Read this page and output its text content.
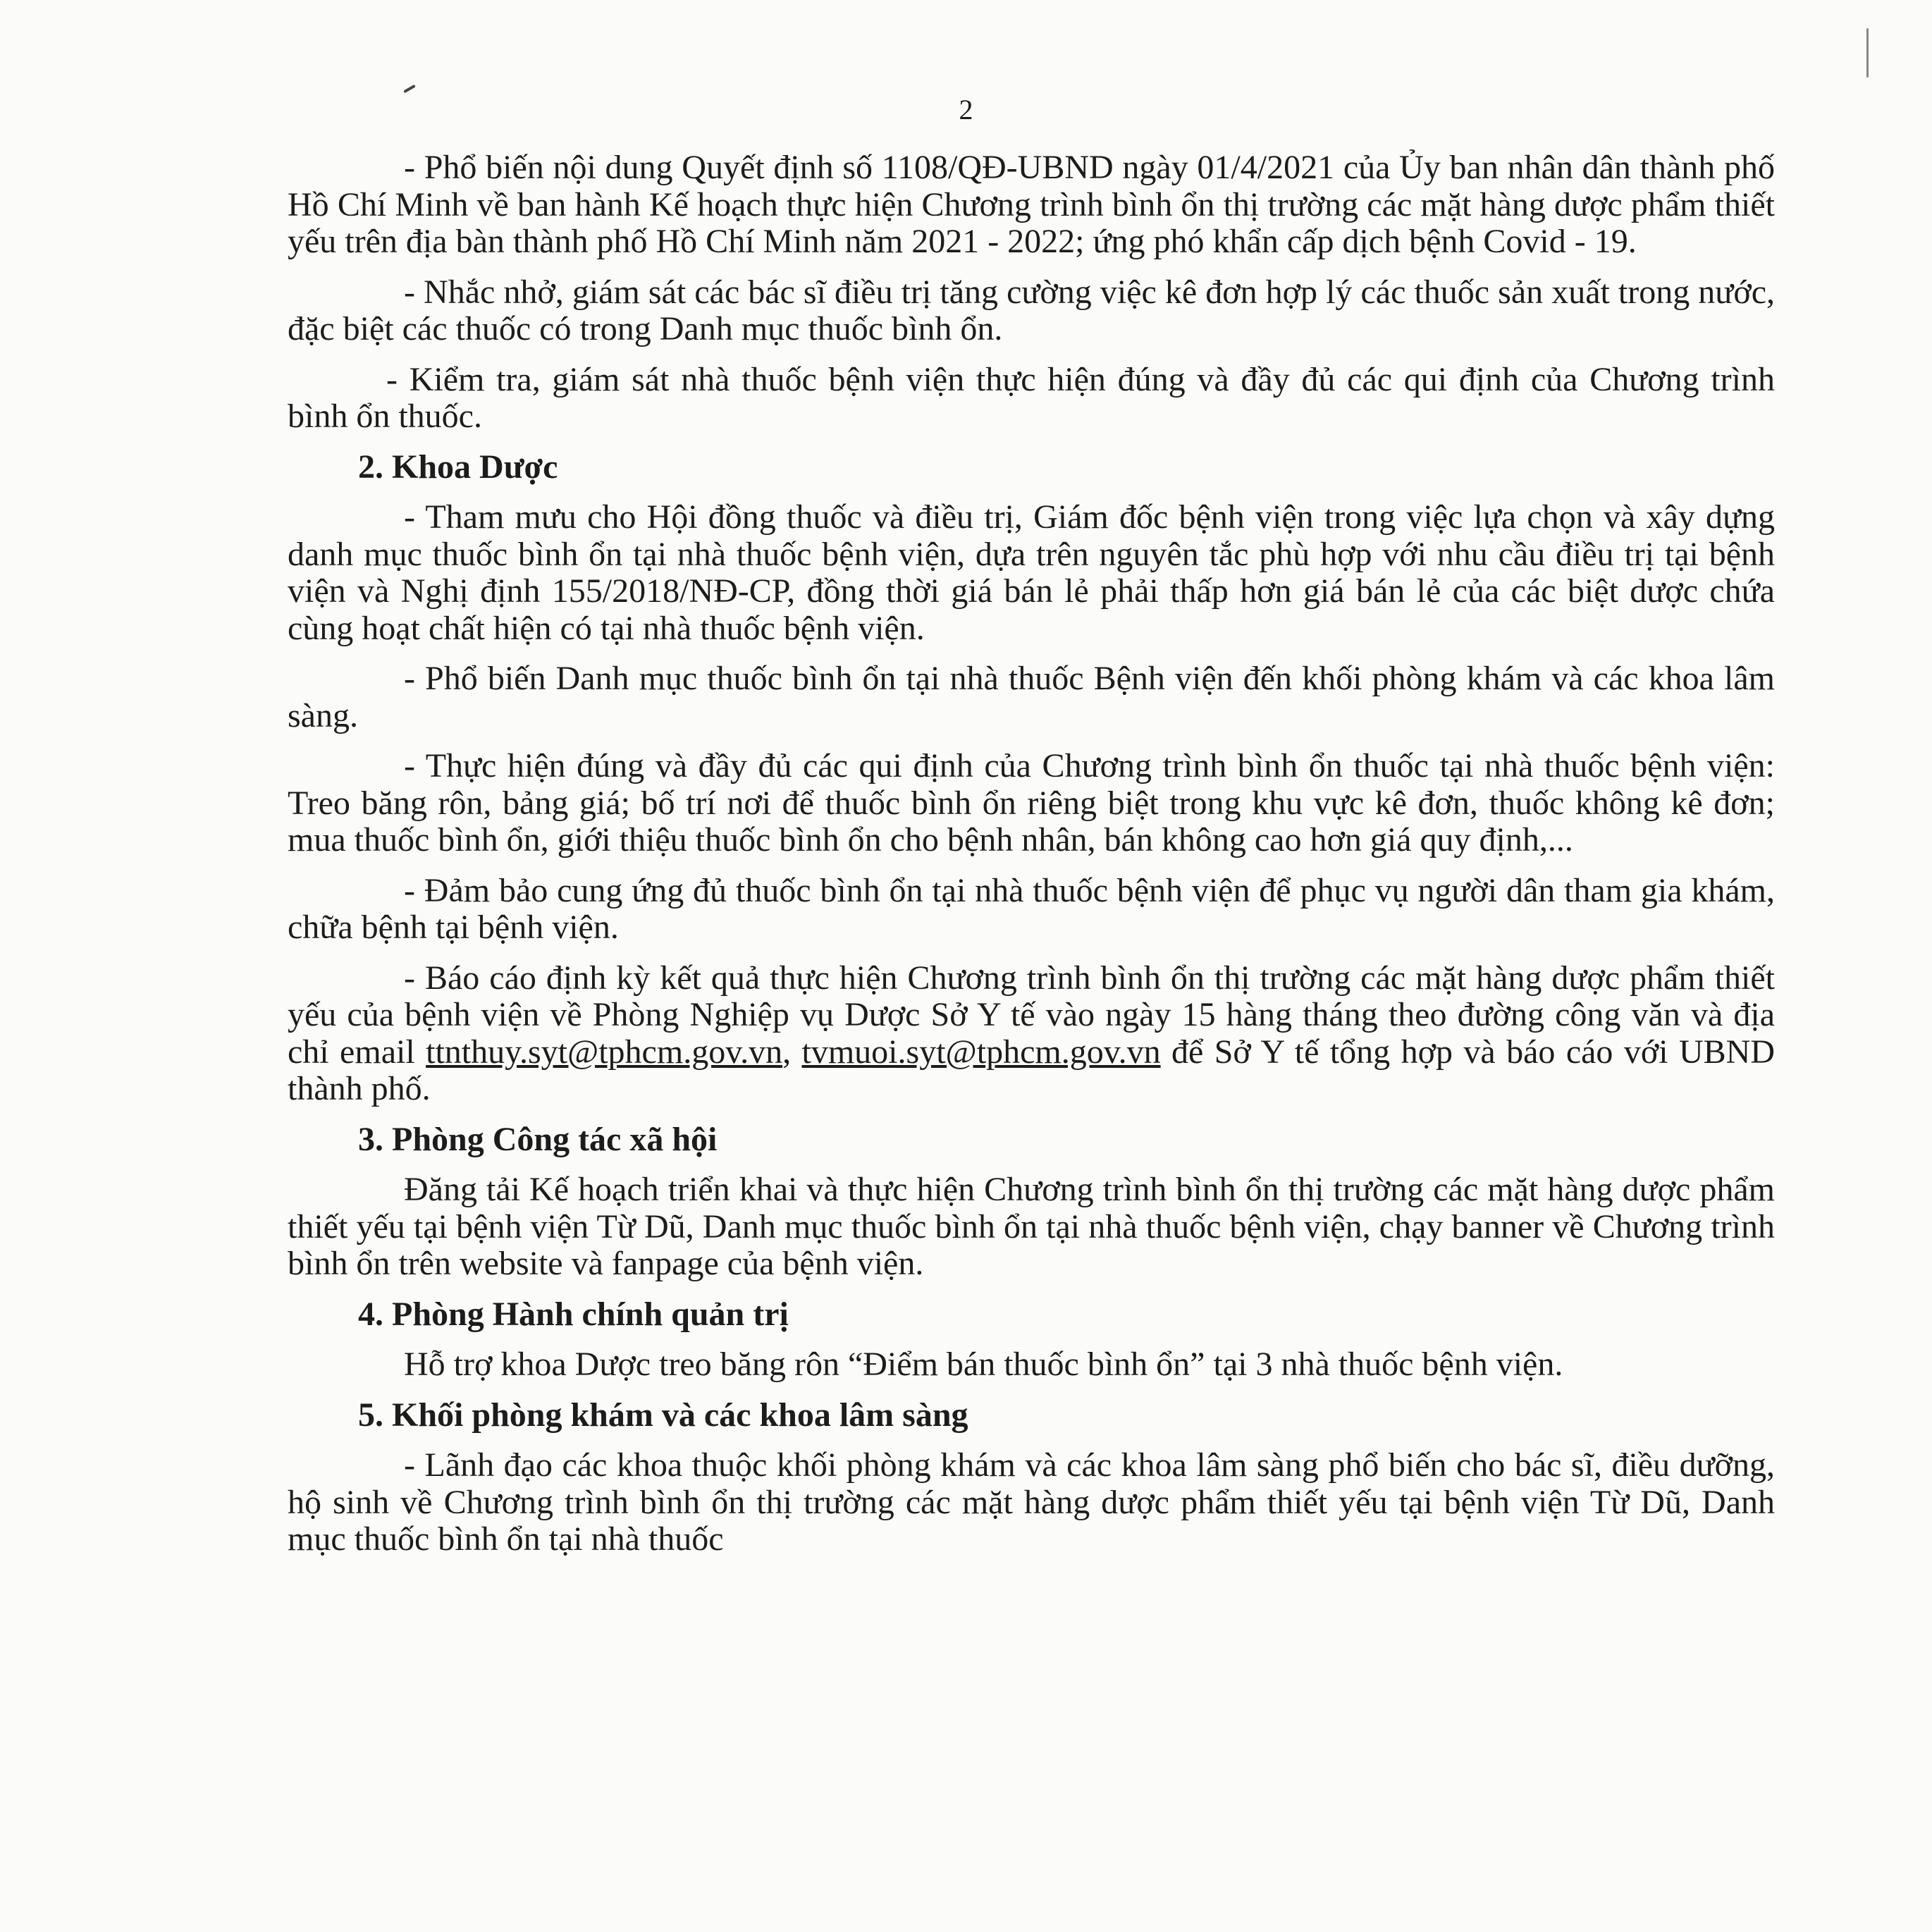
2

- Phổ biến nội dung Quyết định số 1108/QĐ-UBND ngày 01/4/2021 của Ủy ban nhân dân thành phố Hồ Chí Minh về ban hành Kế hoạch thực hiện Chương trình bình ổn thị trường các mặt hàng dược phẩm thiết yếu trên địa bàn thành phố Hồ Chí Minh năm 2021 - 2022; ứng phó khẩn cấp dịch bệnh Covid - 19.

- Nhắc nhở, giám sát các bác sĩ điều trị tăng cường việc kê đơn hợp lý các thuốc sản xuất trong nước, đặc biệt các thuốc có trong Danh mục thuốc bình ổn.

- Kiểm tra, giám sát nhà thuốc bệnh viện thực hiện đúng và đầy đủ các qui định của Chương trình bình ổn thuốc.

2. Khoa Dược

- Tham mưu cho Hội đồng thuốc và điều trị, Giám đốc bệnh viện trong việc lựa chọn và xây dựng danh mục thuốc bình ổn tại nhà thuốc bệnh viện, dựa trên nguyên tắc phù hợp với nhu cầu điều trị tại bệnh viện và Nghị định 155/2018/NĐ-CP, đồng thời giá bán lẻ phải thấp hơn giá bán lẻ của các biệt dược chứa cùng hoạt chất hiện có tại nhà thuốc bệnh viện.

- Phổ biến Danh mục thuốc bình ổn tại nhà thuốc Bệnh viện đến khối phòng khám và các khoa lâm sàng.

- Thực hiện đúng và đầy đủ các qui định của Chương trình bình ổn thuốc tại nhà thuốc bệnh viện: Treo băng rôn, bảng giá; bố trí nơi để thuốc bình ổn riêng biệt trong khu vực kê đơn, thuốc không kê đơn; mua thuốc bình ổn, giới thiệu thuốc bình ổn cho bệnh nhân, bán không cao hơn giá quy định,...

- Đảm bảo cung ứng đủ thuốc bình ổn tại nhà thuốc bệnh viện để phục vụ người dân tham gia khám, chữa bệnh tại bệnh viện.

- Báo cáo định kỳ kết quả thực hiện Chương trình bình ổn thị trường các mặt hàng dược phẩm thiết yếu của bệnh viện về Phòng Nghiệp vụ Dược Sở Y tế vào ngày 15 hàng tháng theo đường công văn và địa chỉ email ttnthuy.syt@tphcm.gov.vn, tvmuoi.syt@tphcm.gov.vn để Sở Y tế tổng hợp và báo cáo với UBND thành phố.

3. Phòng Công tác xã hội

Đăng tải Kế hoạch triển khai và thực hiện Chương trình bình ổn thị trường các mặt hàng dược phẩm thiết yếu tại bệnh viện Từ Dũ, Danh mục thuốc bình ổn tại nhà thuốc bệnh viện, chạy banner về Chương trình bình ổn trên website và fanpage của bệnh viện.

4. Phòng Hành chính quản trị

Hỗ trợ khoa Dược treo băng rôn “Điểm bán thuốc bình ổn” tại 3 nhà thuốc bệnh viện.

5. Khối phòng khám và các khoa lâm sàng

- Lãnh đạo các khoa thuộc khối phòng khám và các khoa lâm sàng phổ biến cho bác sĩ, điều dưỡng, hộ sinh về Chương trình bình ổn thị trường các mặt hàng dược phẩm thiết yếu tại bệnh viện Từ Dũ, Danh mục thuốc bình ổn tại nhà thuốc
